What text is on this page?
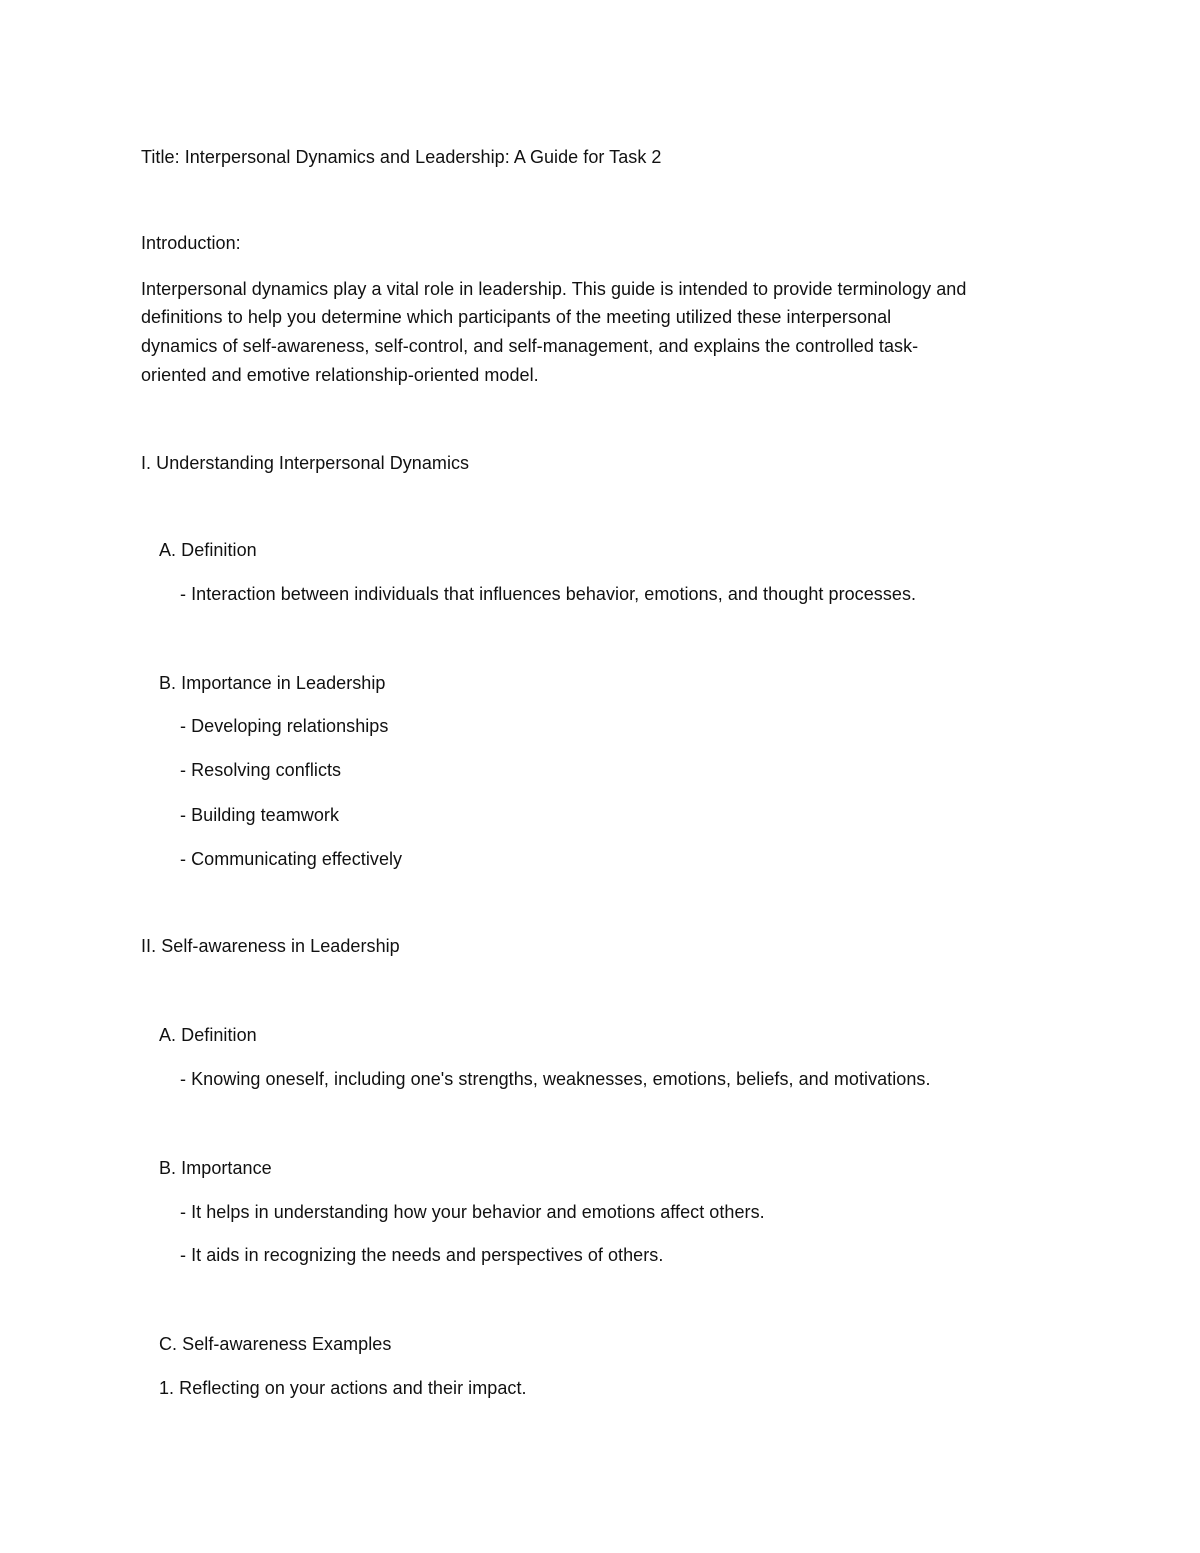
Title: Interpersonal Dynamics and Leadership: A Guide for Task 2
Introduction:
Interpersonal dynamics play a vital role in leadership. This guide is intended to provide terminology and
definitions to help you determine which participants of the meeting utilized these interpersonal
dynamics of self-awareness, self-control, and self-management, and explains the controlled task-
oriented and emotive relationship-oriented model.
I. Understanding Interpersonal Dynamics
A. Definition
- Interaction between individuals that influences behavior, emotions, and thought processes.
B. Importance in Leadership
- Developing relationships
- Resolving conflicts
- Building teamwork
- Communicating effectively
II. Self-awareness in Leadership
A. Definition
- Knowing oneself, including one's strengths, weaknesses, emotions, beliefs, and motivations.
B. Importance
- It helps in understanding how your behavior and emotions affect others.
- It aids in recognizing the needs and perspectives of others.
C. Self-awareness Examples
1. Reflecting on your actions and their impact.
